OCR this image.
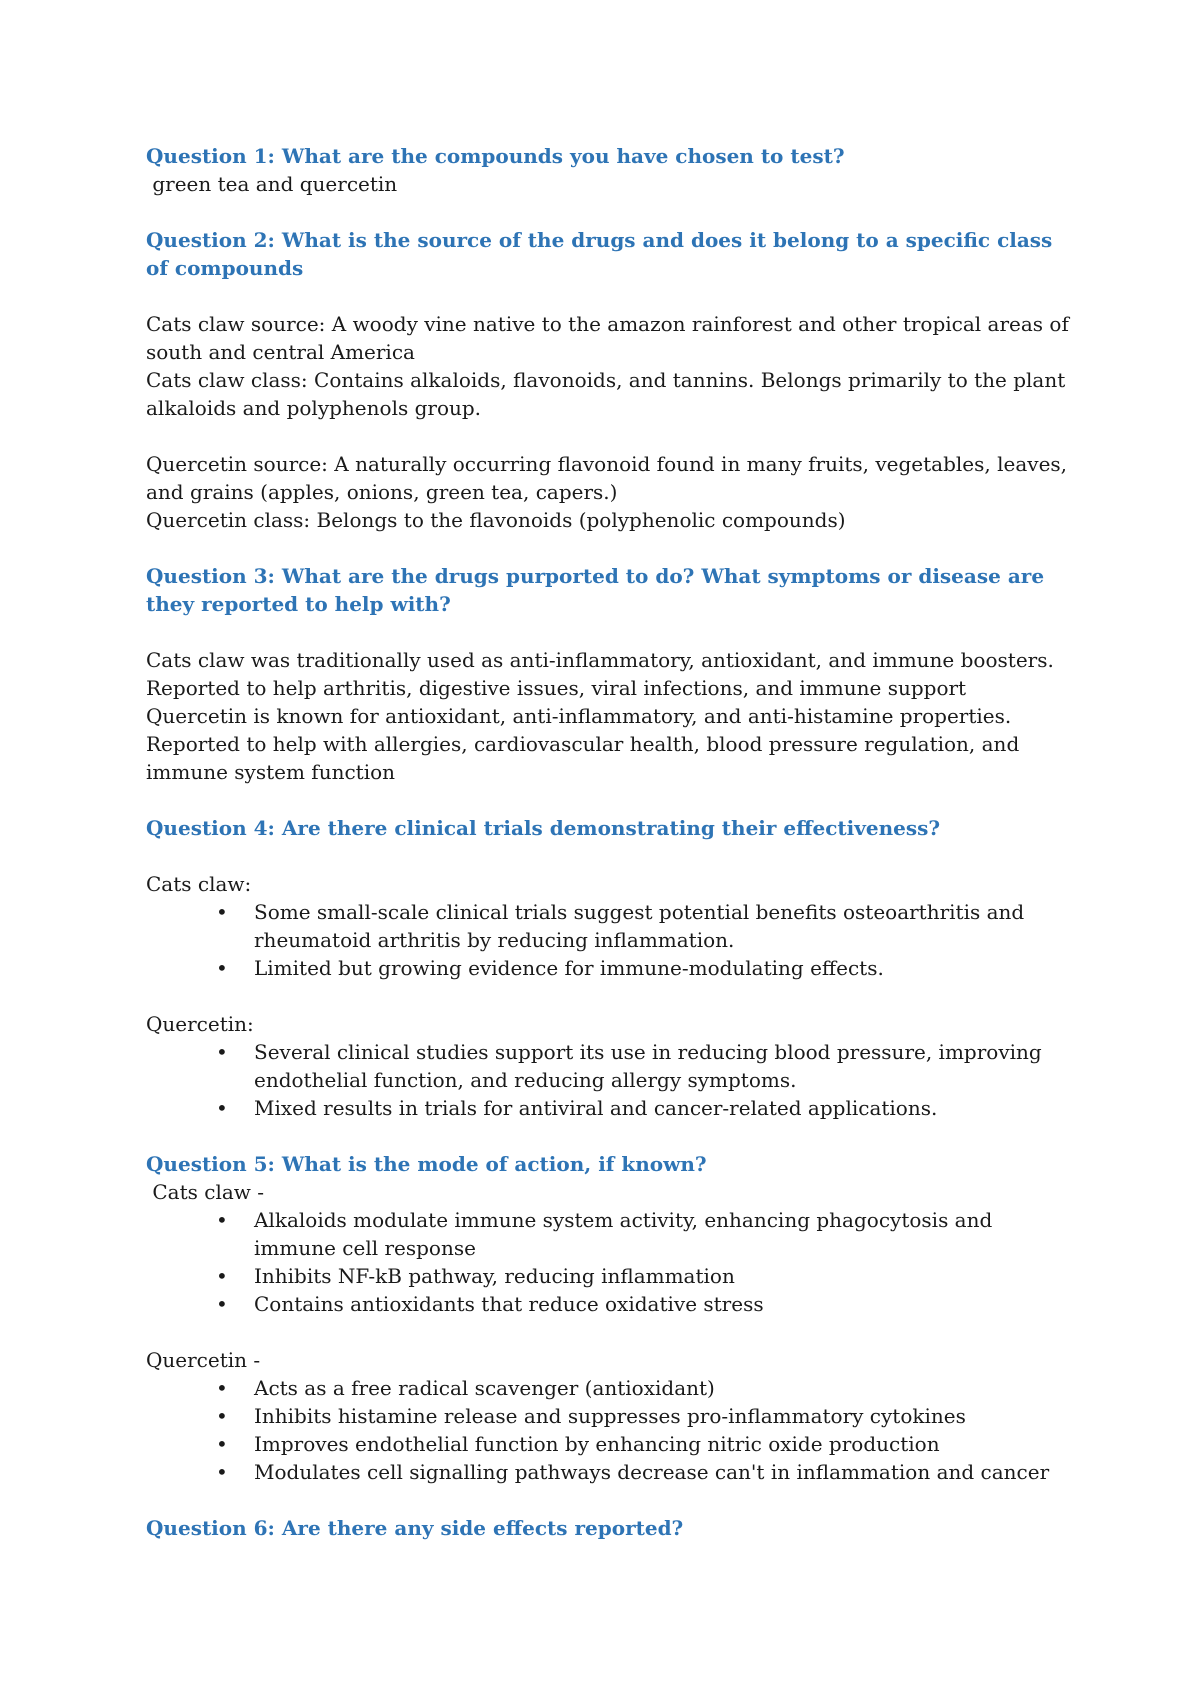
Question 1: What are the compounds you have chosen to test?

green tea and quercetin

Question 2: What is the source of the drugs and does it belong to a specific class of compounds

Cats claw source: A woody vine native to the amazon rainforest and other tropical areas of south and central America

Cats claw class: Contains alkaloids, flavonoids, and tannins. Belongs primarily to the plant alkaloids and polyphenols group.

Quercetin source: A naturally occurring flavonoid found in many fruits, vegetables, leaves, and grains (apples, onions, green tea, capers.)

Quercetin class: Belongs to the flavonoids (polyphenolic compounds)

Question 3: What are the drugs purported to do? What symptoms or disease are they reported to help with?

Cats claw was traditionally used as anti-inflammatory, antioxidant, and immune boosters.

Reported to help arthritis, digestive issues, viral infections, and immune support

Quercetin is known for antioxidant, anti-inflammatory, and anti-histamine properties.

Reported to help with allergies, cardiovascular health, blood pressure regulation, and immune system function

Question 4: Are there clinical trials demonstrating their effectiveness?

Cats claw:

• Some small-scale clinical trials suggest potential benefits osteoarthritis and rheumatoid arthritis by reducing inflammation.
• Limited but growing evidence for immune-modulating effects.

Quercetin:

• Several clinical studies support its use in reducing blood pressure, improving endothelial function, and reducing allergy symptoms.
• Mixed results in trials for antiviral and cancer-related applications.

Question 5: What is the mode of action, if known?

Cats claw -

• Alkaloids modulate immune system activity, enhancing phagocytosis and immune cell response
• Inhibits NF-kB pathway, reducing inflammation
• Contains antioxidants that reduce oxidative stress

Quercetin -

• Acts as a free radical scavenger (antioxidant)
• Inhibits histamine release and suppresses pro-inflammatory cytokines
• Improves endothelial function by enhancing nitric oxide production
• Modulates cell signalling pathways decrease can't in inflammation and cancer

Question 6: Are there any side effects reported?
